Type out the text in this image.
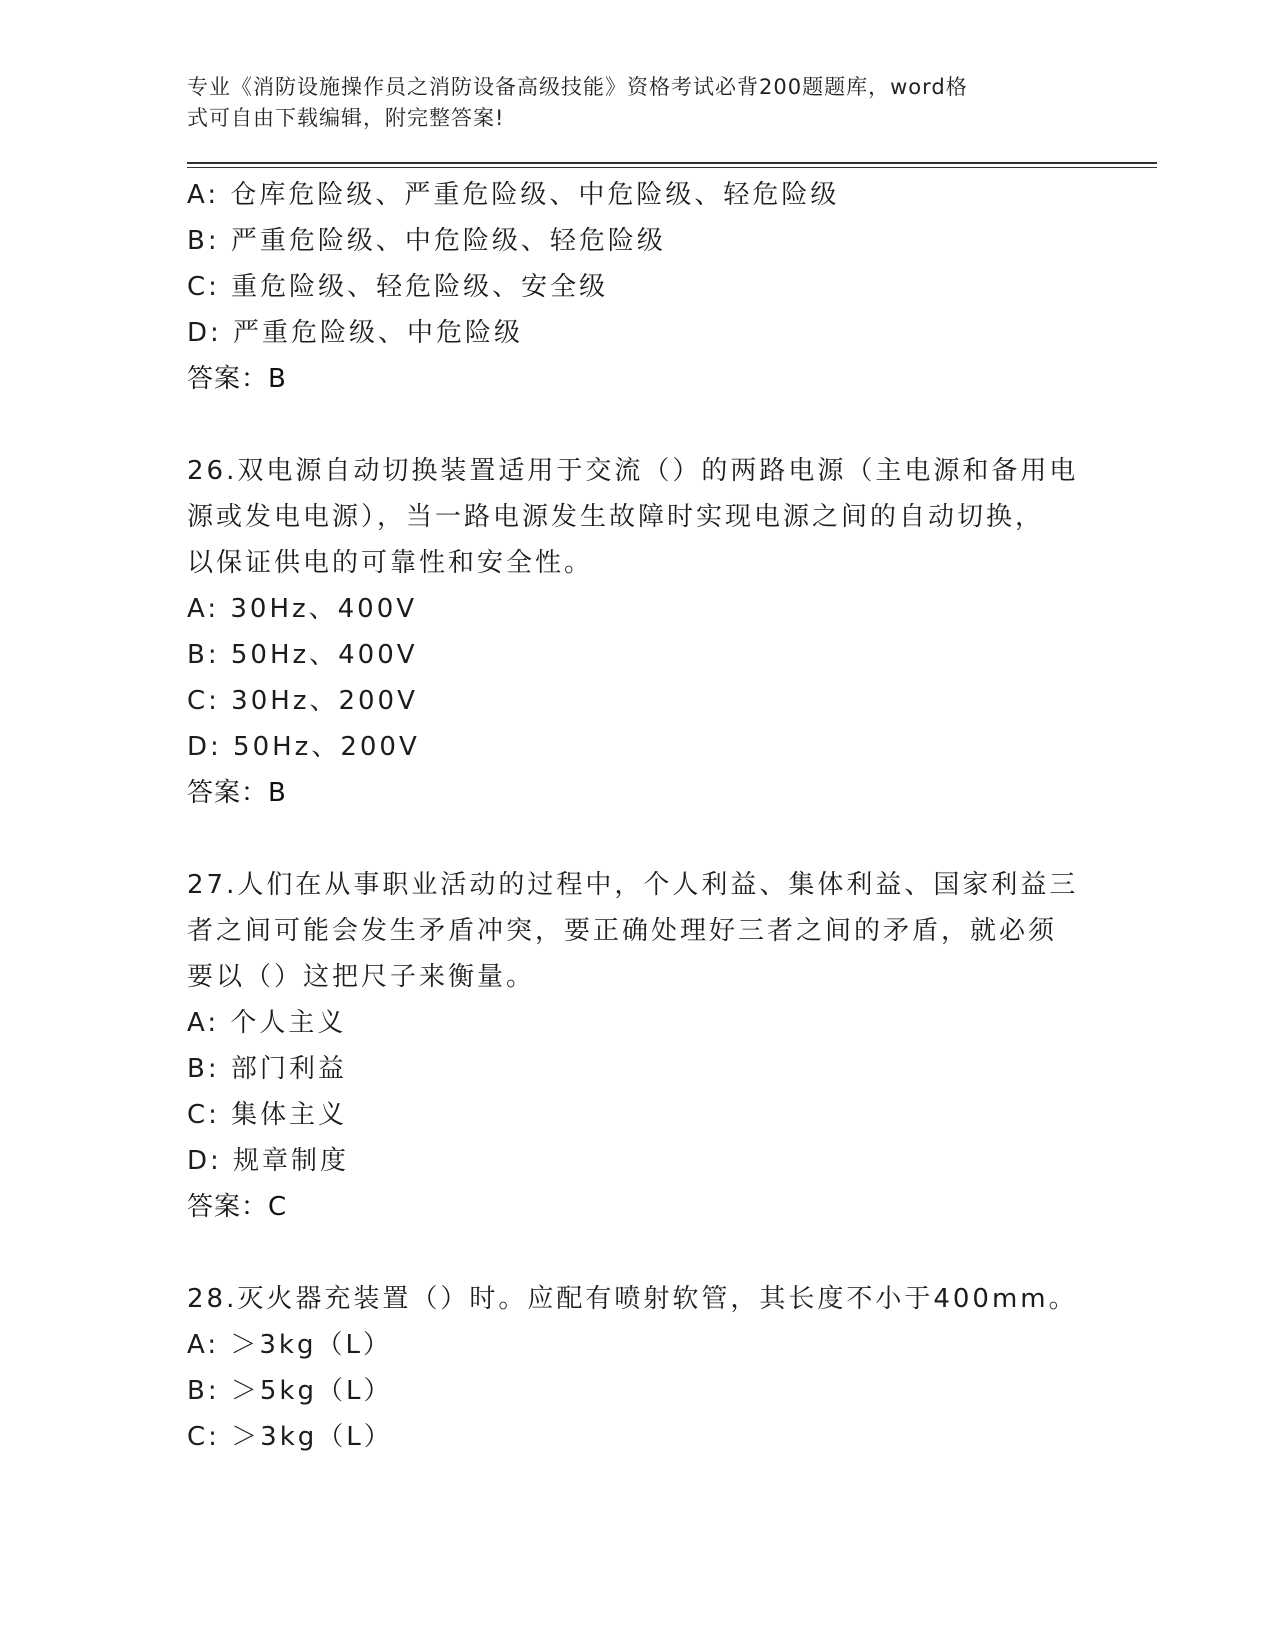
专业《消防设施操作员之消防设备高级技能》资格考试必背200题题库，word格
式可自由下载编辑，附完整答案!
A: 仓库危险级、严重危险级、中危险级、轻危险级
B: 严重危险级、中危险级、轻危险级
C: 重危险级、轻危险级、安全级
D: 严重危险级、中危险级
答案：B
26.双电源自动切换装置适用于交流（）的两路电源（主电源和备用电
源或发电电源），当一路电源发生故障时实现电源之间的自动切换，
以保证供电的可靠性和安全性。
A: 30Hz、400V
B: 50Hz、400V
C: 30Hz、200V
D: 50Hz、200V
答案：B
27.人们在从事职业活动的过程中，个人利益、集体利益、国家利益三
者之间可能会发生矛盾冲突，要正确处理好三者之间的矛盾，就必须
要以（）这把尺子来衡量。
A: 个人主义
B: 部门利益
C: 集体主义
D: 规章制度
答案：C
28.灭火器充装置（）时。应配有喷射软管，其长度不小于400mm。
A: ＞3kg（L）
B: ＞5kg（L）
C: ＞3kg（L）
